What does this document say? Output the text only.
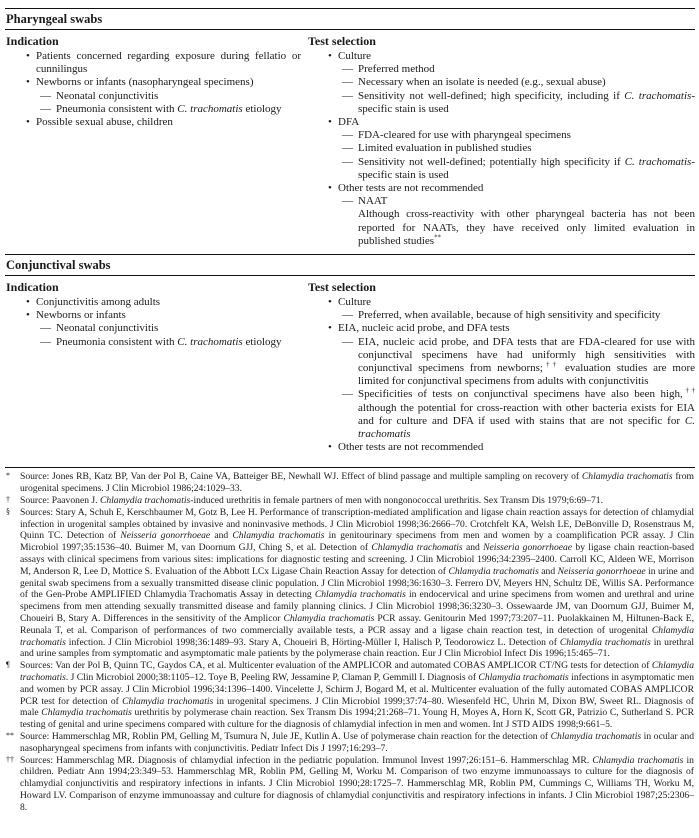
Pharyngeal swabs
Indication
• Patients concerned regarding exposure during fellatio or cunnilingus
• Newborns or infants (nasopharyngeal specimens)
— Neonatal conjunctivitis
— Pneumonia consistent with C. trachomatis etiology
• Possible sexual abuse, children
Test selection
• Culture
— Preferred method
— Necessary when an isolate is needed (e.g., sexual abuse)
— Sensitivity not well-defined; high specificity, including if C. trachomatis-specific stain is used
• DFA
— FDA-cleared for use with pharyngeal specimens
— Limited evaluation in published studies
— Sensitivity not well-defined; potentially high specificity if C. trachomatis-specific stain is used
• Other tests are not recommended
— NAAT
Although cross-reactivity with other pharyngeal bacteria has not been reported for NAATs, they have received only limited evaluation in published studies**
Conjunctival swabs
Indication
• Conjunctivitis among adults
• Newborns or infants
— Neonatal conjunctivitis
— Pneumonia consistent with C. trachomatis etiology
Test selection
• Culture
— Preferred, when available, because of high sensitivity and specificity
• EIA, nucleic acid probe, and DFA tests
— EIA, nucleic acid probe, and DFA tests that are FDA-cleared for use with conjunctival specimens have had uniformly high sensitivities with conjunctival specimens from newborns;†† evaluation studies are more limited for conjunctival specimens from adults with conjunctivitis
— Specificities of tests on conjunctival specimens have also been high,†† although the potential for cross-reaction with other bacteria exists for EIA and for culture and DFA if used with stains that are not specific for C. trachomatis
• Other tests are not recommended
* Source: Jones RB, Katz BP, Van der Pol B, Caine VA, Batteiger BE, Newhall WJ. Effect of blind passage and multiple sampling on recovery of Chlamydia trachomatis from urogenital specimens. J Clin Microbiol 1986;24:1029–33.
† Source: Paavonen J. Chlamydia trachomatis-induced urethritis in female partners of men with nongonococcal urethritis. Sex Transm Dis 1979;6:69–71.
§ Sources: Stary A, Schuh E, Kerschbaumer M, Gotz B, Lee H. Performance of transcription-mediated amplification and ligase chain reaction assays for detection of chlamydial infection in urogenital samples obtained by invasive and noninvasive methods. J Clin Microbiol 1998;36:2666–70. Crotchfelt KA, Welsh LE, DeBonville D, Rosenstraus M, Quinn TC. Detection of Neisseria gonorrhoeae and Chlamydia trachomatis in genitourinary specimens from men and women by a coamplification PCR assay. J Clin Microbiol 1997;35:1536–40. Buimer M, van Doornum GJJ, Ching S, et al. Detection of Chlamydia trachomatis and Neisseria gonorrhoeae by ligase chain reaction-based assays with clinical specimens from various sites: implications for diagnostic testing and screening. J Clin Microbiol 1996;34:2395–2400. Carroll KC, Aldeen WE, Morrison M, Anderson R, Lee D, Mottice S. Evaluation of the Abbott LCx Ligase Chain Reaction Assay for detection of Chlamydia trachomatis and Neisseria gonorrhoeae in urine and genital swab specimens from a sexually transmitted disease clinic population. J Clin Microbiol 1998;36:1630–3. Ferrero DV, Meyers HN, Schultz DE, Willis SA. Performance of the Gen-Probe AMPLIFIED Chlamydia Trachomatis Assay in detecting Chlamydia trachomatis in endocervical and urine specimens from women and urethral and urine specimens from men attending sexually transmitted disease and family planning clinics. J Clin Microbiol 1998;36:3230–3. Ossewaarde JM, van Doornum GJJ, Buimer M, Choueiri B, Stary A. Differences in the sensitivity of the Amplicor Chlamydia trachomatis PCR assay. Genitourin Med 1997;73:207–11. Puolakkainen M, Hiltunen-Back E, Reunala T, et al. Comparison of performances of two commercially available tests, a PCR assay and a ligase chain reaction test, in detection of urogenital Chlamydia trachomatis infection. J Clin Microbiol 1998;36:1489–93. Stary A, Choueiri B, Hörting-Müller I, Halisch P, Teodorowicz L. Detection of Chlamydia trachomatis in urethral and urine samples from symptomatic and asymptomatic male patients by the polymerase chain reaction. Eur J Clin Microbiol Infect Dis 1996;15:465–71.
¶ Sources: Van der Pol B, Quinn TC, Gaydos CA, et al. Multicenter evaluation of the AMPLICOR and automated COBAS AMPLICOR CT/NG tests for detection of Chlamydia trachomatis. J Clin Microbiol 2000;38:1105–12. Toye B, Peeling RW, Jessamine P, Claman P, Gemmill I. Diagnosis of Chlamydia trachomatis infections in asymptomatic men and women by PCR assay. J Clin Microbiol 1996;34:1396–1400. Vincelette J, Schirm J, Bogard M, et al. Multicenter evaluation of the fully automated COBAS AMPLICOR PCR test for detection of Chlamydia trachomatis in urogenital specimens. J Clin Microbiol 1999;37:74–80. Wiesenfeld HC, Uhrin M, Dixon BW, Sweet RL. Diagnosis of male Chlamydia trachomatis urethritis by polymerase chain reaction. Sex Transm Dis 1994;21:268–71. Young H, Moyes A, Horn K, Scott GR, Patrizio C, Sutherland S. PCR testing of genital and urine specimens compared with culture for the diagnosis of chlamydial infection in men and women. Int J STD AIDS 1998;9:661–5.
** Source: Hammerschlag MR, Roblin PM, Gelling M, Tsumura N, Jule JE, Kutlin A. Use of polymerase chain reaction for the detection of Chlamydia trachomatis in ocular and nasopharyngeal specimens from infants with conjunctivitis. Pediatr Infect Dis J 1997;16:293–7.
†† Sources: Hammerschlag MR. Diagnosis of chlamydial infection in the pediatric population. Immunol Invest 1997;26:151–6. Hammerschlag MR. Chlamydia trachomatis in children. Pediatr Ann 1994;23:349–53. Hammerschlag MR, Roblin PM, Gelling M, Worku M. Comparison of two enzyme immunoassays to culture for the diagnosis of chlamydial conjunctivitis and respiratory infections in infants. J Clin Microbiol 1990;28:1725–7. Hammerschlag MR, Roblin PM, Cummings C, Williams TH, Worku M, Howard LV. Comparison of enzyme immunoassay and culture for diagnosis of chlamydial conjunctivitis and respiratory infections in infants. J Clin Microbiol 1987;25:2306–8.
